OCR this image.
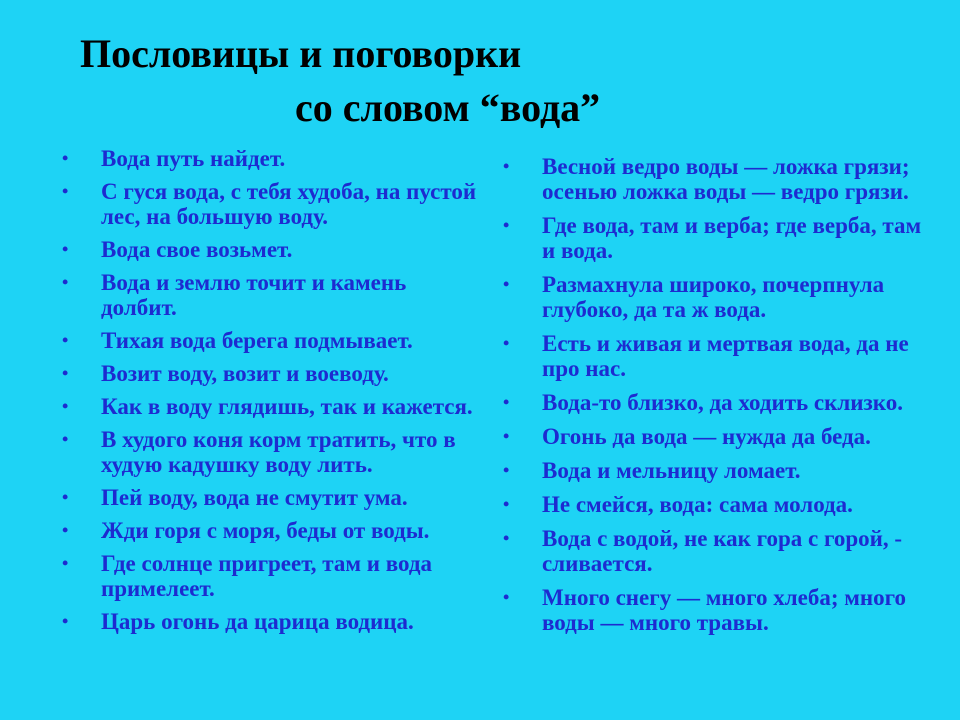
Пословицы и поговорки
со словом “вода”
• Вода путь найдет.
• С гуся вода, с тебя худоба, на пустой лес, на большую воду.
• Вода свое возьмет.
• Вода и землю точит и камень долбит.
• Тихая вода берега подмывает.
• Возит воду, возит и воеводу.
• Как в воду глядишь, так и кажется.
• В худого коня корм тратить, что в худую кадушку воду лить.
• Пей воду, вода не смутит ума.
• Жди горя с моря, беды от воды.
• Где солнце пригреет, там и вода примелеет.
• Царь огонь да царица водица.
• Весной ведро воды — ложка грязи; осенью ложка воды — ведро грязи.
• Где вода, там и верба; где верба, там и вода.
• Размахнула широко, почерпнула глубоко, да та ж вода.
• Есть и живая и мертвая вода, да не про нас.
• Вода-то близко, да ходить склизко.
• Огонь да вода — нужда да беда.
• Вода и мельницу ломает.
• Не смейся, вода: сама молода.
• Вода с водой, не как гора с горой, - сливается.
• Много снегу — много хлеба; много воды — много травы.
